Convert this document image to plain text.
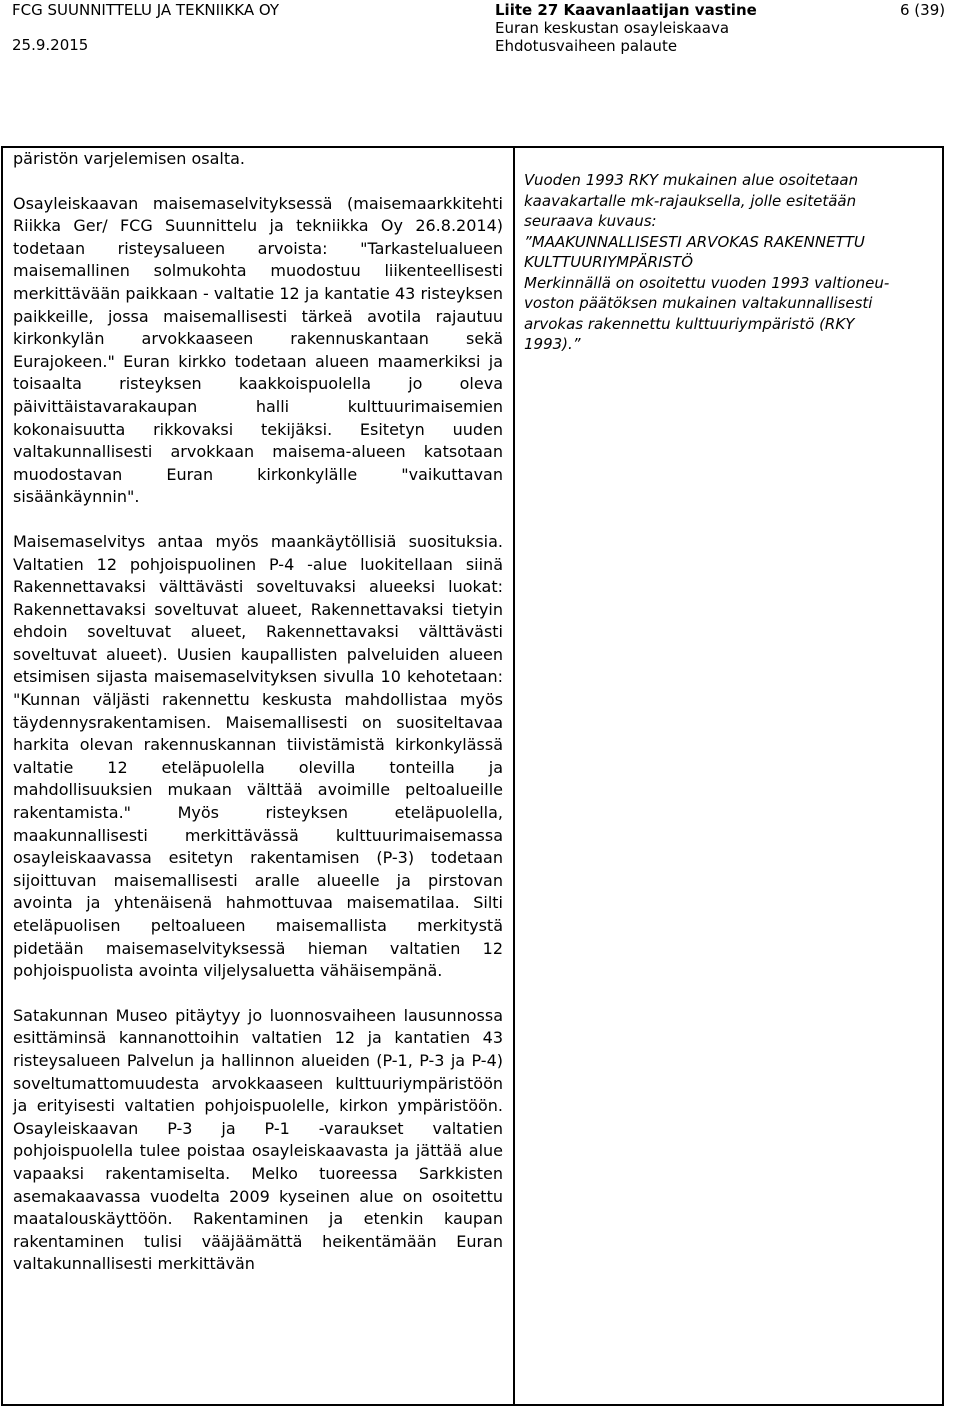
FCG SUUNNITTELU JA TEKNIIKKA OY
25.9.2015
Liite 27 Kaavanlaatijan vastine
Euran keskustan osayleiskaava
Ehdotusvaiheen palaute
6 (39)

päristön varjelemisen osalta.

Osayleiskaavan maisemaselvityksessä (maisemaarkkitehti Riikka Ger/ FCG Suunnittelu ja tekniikka Oy 26.8.2014) todetaan risteysalueen arvoista: "Tarkastelualueen maisemallinen solmukohta muodostuu liikenteellisesti merkittävään paikkaan - valtatie 12 ja kantatie 43 risteyksen paikkeille, jossa maisemallisesti tärkeä avotila rajautuu kirkonkylän arvokkaaseen rakennuskantaan sekä Eurajokeen." Euran kirkko todetaan alueen maamerkiksi ja toisaalta risteyksen kaakkoispuolella jo oleva päivittäistavarakaupan halli kulttuurimaisemien kokonaisuutta rikkovaksi tekijäksi. Esitetyn uuden valtakunnallisesti arvokkaan maisema-alueen katsotaan muodostavan Euran kirkonkylälle "vaikuttavan sisäänkäynnin".

Maisemaselvitys antaa myös maankäytöllisiä suosituksia. Valtatien 12 pohjoispuolinen P-4 -alue luokitellaan siinä Rakennettavaksi välttävästi soveltuvaksi alueeksi luokat: Rakennettavaksi soveltuvat alueet, Rakennettavaksi tietyin ehdoin soveltuvat alueet, Rakennettavaksi välttävästi soveltuvat alueet). Uusien kaupallisten palveluiden alueen etsimisen sijasta maisemaselvityksen sivulla 10 kehotetaan: "Kunnan väljästi rakennettu keskusta mahdollistaa myös täydennysrakentamisen. Maisemallisesti on suositeltavaa harkita olevan rakennuskannan tiivistämistä kirkonkylässä valtatie 12 eteläpuolella olevilla tonteilla ja mahdollisuuksien mukaan välttää avoimille peltoalueille rakentamista." Myös risteyksen eteläpuolella, maakunnallisesti merkittävässä kulttuurimaisemassa osayleiskaavassa esitetyn rakentamisen (P-3) todetaan sijoittuvan maisemallisesti aralle alueelle ja pirstovan avointa ja yhtenäisenä hahmottuvaa maisematilaa. Silti eteläpuolisen peltoalueen maisemallista merkitystä pidetään maisemaselvityksessä hieman valtatien 12 pohjoispuolista avointa viljelysaluetta vähäisempänä.

Satakunnan Museo pitäytyy jo luonnosvaiheen lausunnossa esittäminsä kannanottoihin valtatien 12 ja kantatien 43 risteysalueen Palvelun ja hallinnon alueiden (P-1, P-3 ja P-4) soveltumattomuudesta arvokkaaseen kulttuuriympäristöön ja erityisesti valtatien pohjoispuolelle, kirkon ympäristöön. Osayleiskaavan P-3 ja P-1 -varaukset valtatien pohjoispuolella tulee poistaa osayleiskaavasta ja jättää alue vapaaksi rakentamiselta. Melko tuoreessa Sarkkisten asemakaavassa vuodelta 2009 kyseinen alue on osoitettu maatalouskäyttöön. Rakentaminen ja etenkin kaupan rakentaminen tulisi vääjäämättä heikentämään Euran valtakunnallisesti merkittävän

Vuoden 1993 RKY mukainen alue osoitetaan
kaavakartalle mk-rajauksella, jolle esitetään
seuraava kuvaus:
”MAAKUNNALLISESTI ARVOKAS RAKENNETTU
KULTTUURIYMPÄRISTÖ
Merkinnällä on osoitettu vuoden 1993 valtioneu-
voston päätöksen mukainen valtakunnallisesti
arvokas rakennettu kulttuuriympäristö (RKY
1993).”
